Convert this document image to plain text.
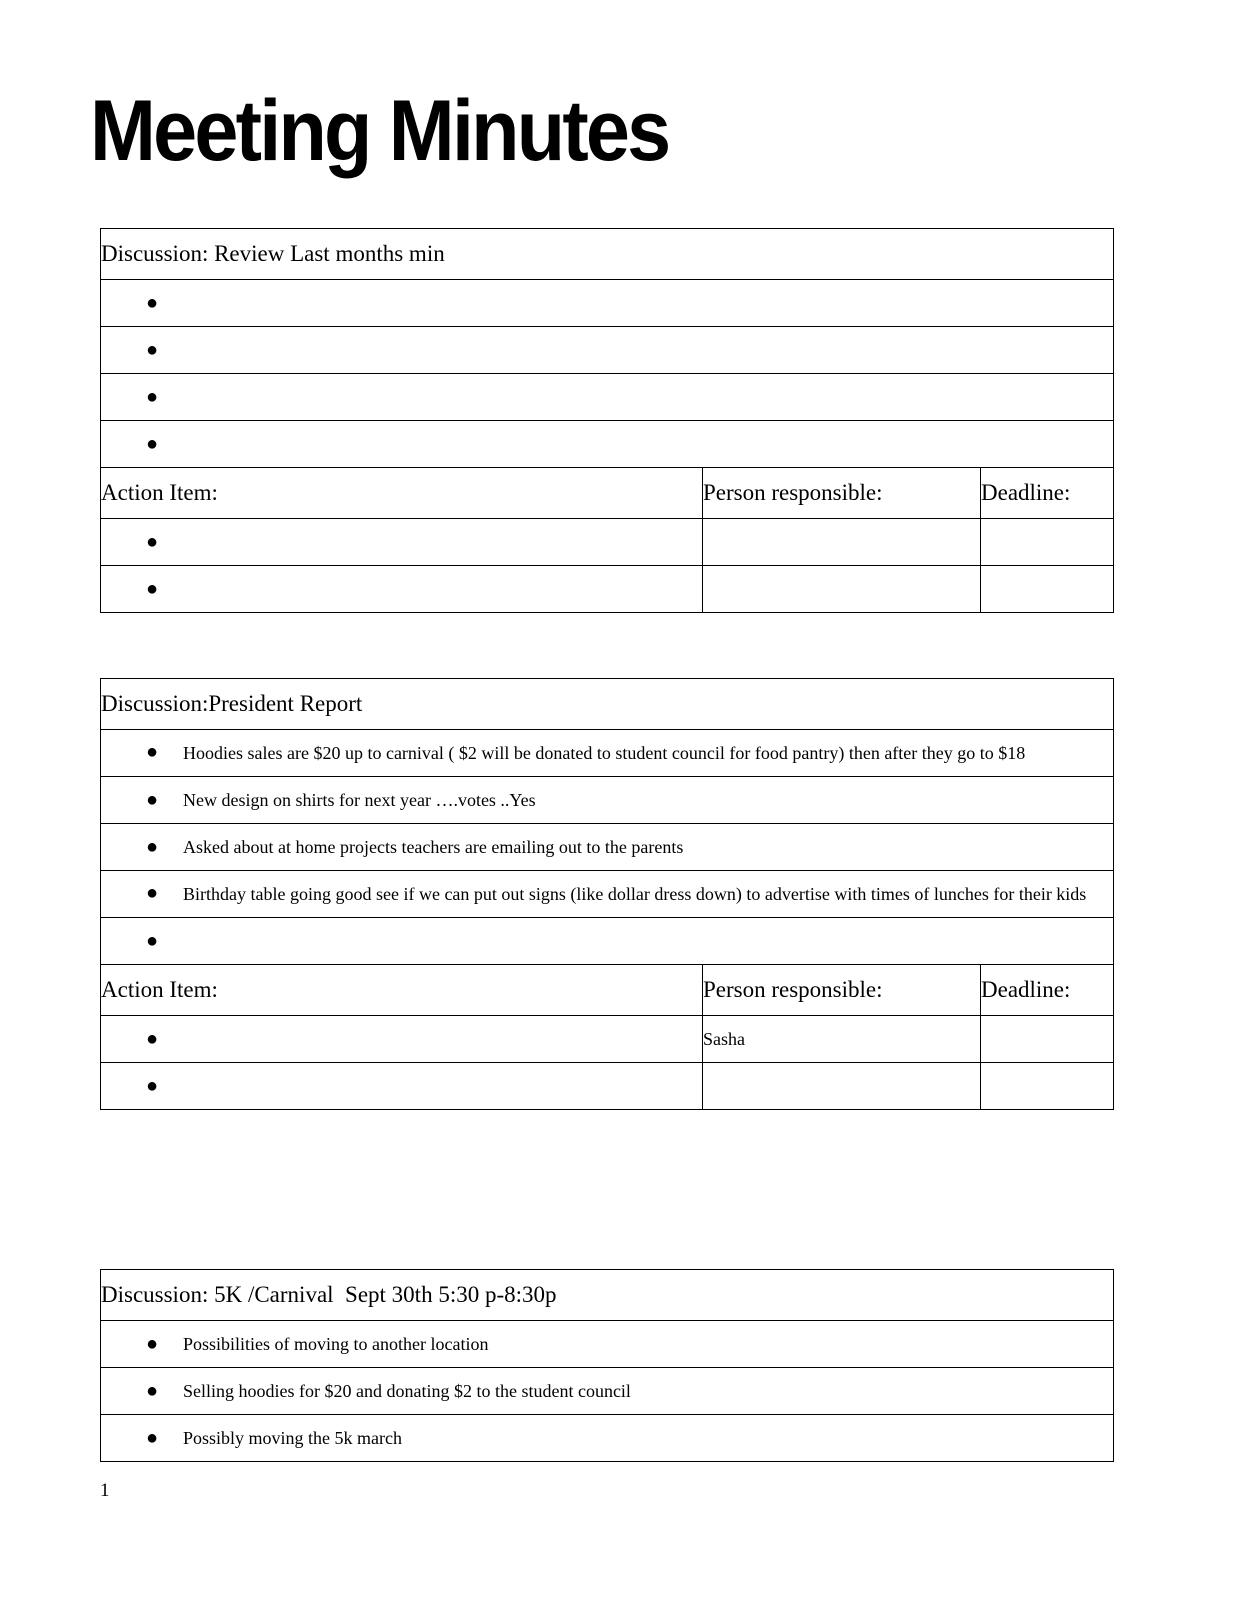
Meeting Minutes
Discussion: Review Last months min		

●		

●		

●		

●		

Action Item:	Person responsible:	Deadline:

●		

●		

Discussion:President Report		

● Hoodies sales are $20 up to carnival ( $2 will be donated to student council for food pantry) then after they go to $18		

● New design on shirts for next year ….votes ..Yes		

● Asked about at home projects teachers are emailing out to the parents		

● Birthday table going good see if we can put out signs (like dollar dress down) to advertise with times of lunches for their kids		

●		

Action Item:	Person responsible:	Deadline:

●	Sasha	

●		

Discussion: 5K /Carnival  Sept 30th 5:30 p-8:30p

●	Possibilities of moving to another location

●	Selling hoodies for $20 and donating $2 to the student council

●	Possibly moving the 5k march
1
